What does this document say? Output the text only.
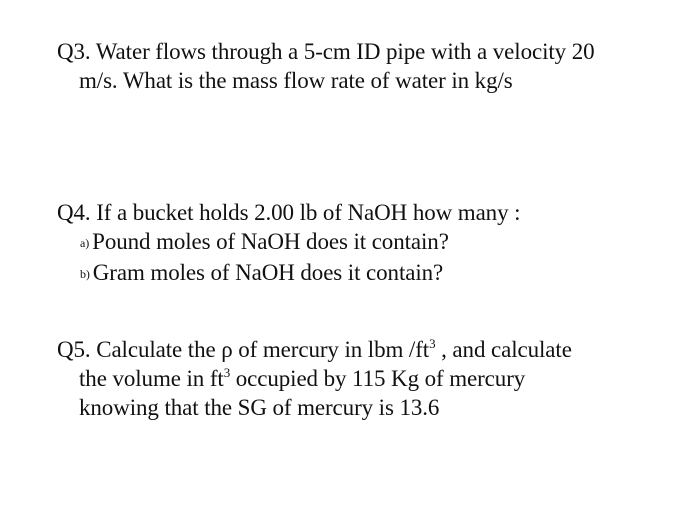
Q3. Water flows through a 5-cm ID pipe with a velocity 20
m/s. What is the mass flow rate of water in kg/s
Q4. If a bucket holds 2.00 lb of NaOH how many :
a) Pound moles of NaOH does it contain?
b) Gram moles of NaOH does it contain?
Q5. Calculate the ρ of mercury in lbm $/ft^3$ , and calculate
the volume in $ft^3$ occupied by 115 Kg of mercury
knowing that the SG of mercury is 13.6
